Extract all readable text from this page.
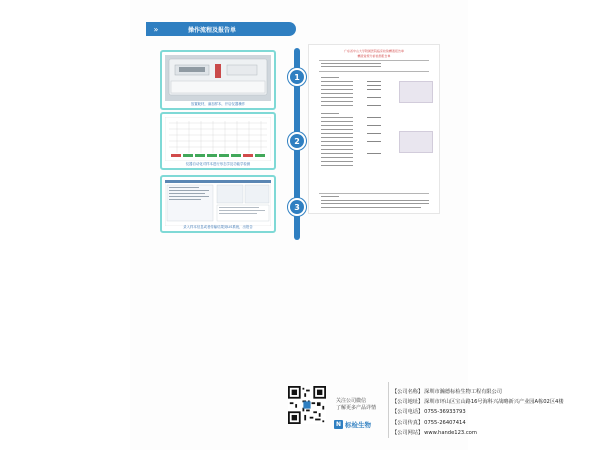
»	操作流程及报告单
放置耗材，滴加样本，开启仪器操作
仪器自动化对样本进行形态学及功能学检测
录入样本信息或者传输结果到LIS系统，出报告
1
2
3
广东省中山大学附属医院临床检验精液报告单
精液常规分析检测报告单
关注公司微信
了解更多产品详情
N 标检生物
【公司名称】 深圳市瀚德标检生物工程有限公司
【公司地址】 深圳市坪山区宝山路16号海科兴战略新兴产业园A栋02区4楼
【公司电话】 0755-36933793
【公司传真】 0755-26407414
【公司网站】 www.hande123.com
